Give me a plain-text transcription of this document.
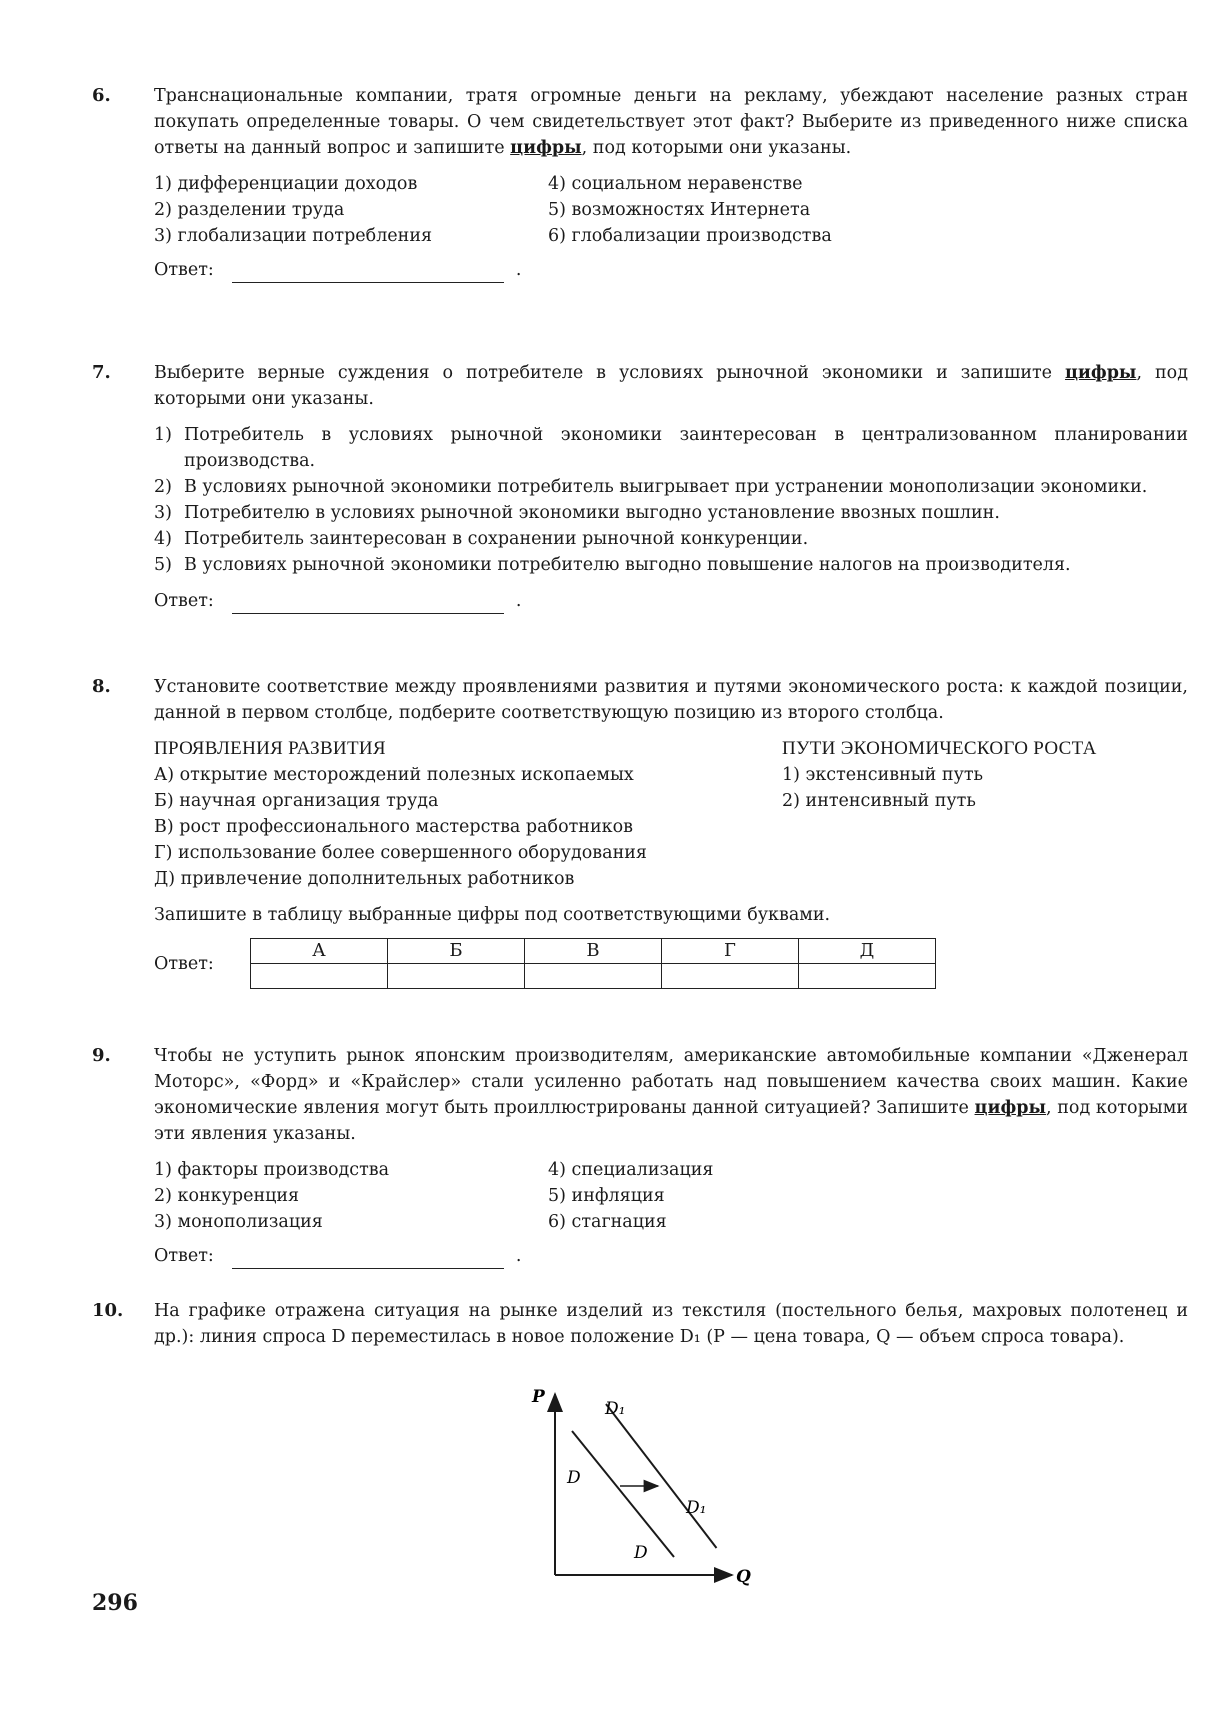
6. Транснациональные компании, тратя огромные деньги на рекламу, убеждают население разных стран покупать определенные товары. О чем свидетельствует этот факт? Выберите из приведенного ниже списка ответы на данный вопрос и запишите цифры, под которыми они указаны.

1) дифференциации доходов
2) разделении труда
3) глобализации потребления
4) социальном неравенстве
5) возможностях Интернета
6) глобализации производства
Ответ:	.
7. Выберите верные суждения о потребителе в условиях рыночной экономики и запишите цифры, под которыми они указаны.

1) Потребитель в условиях рыночной экономики заинтересован в централизованном планировании производства.
2) В условиях рыночной экономики потребитель выигрывает при устранении монополизации экономики.
3) Потребителю в условиях рыночной экономики выгодно установление ввозных пошлин.
4) Потребитель заинтересован в сохранении рыночной конкуренции.
5) В условиях рыночной экономики потребителю выгодно повышение налогов на производителя.
Ответ:	.
8. Установите соответствие между проявлениями развития и путями экономического роста: к каждой позиции, данной в первом столбце, подберите соответствующую позицию из второго столбца.

ПРОЯВЛЕНИЯ РАЗВИТИЯ
А) открытие месторождений полезных ископаемых
Б) научная организация труда
В) рост профессионального мастерства работников
Г) использование более совершенного оборудования
Д) привлечение дополнительных работников
ПУТИ ЭКОНОМИЧЕСКОГО РОСТА
1) экстенсивный путь
2) интенсивный путь
Запишите в таблицу выбранные цифры под соответствующими буквами.
Ответ:
А	Б	В	Г	Д

9. Чтобы не уступить рынок японским производителям, американские автомобильные компании «Дженерал Моторс», «Форд» и «Крайслер» стали усиленно работать над повышением качества своих машин. Какие экономические явления могут быть проиллюстрированы данной ситуацией? Запишите цифры, под которыми эти явления указаны.

1) факторы производства
2) конкуренция
3) монополизация
4) специализация
5) инфляция
6) стагнация
Ответ:	.
10. На графике отражена ситуация на рынке изделий из текстиля (постельного белья, махровых полотенец и др.): линия спроса D переместилась в новое положение D₁ (P — цена товара, Q — объем спроса товара).

P
Q
D
D
D₁
D₁
296
